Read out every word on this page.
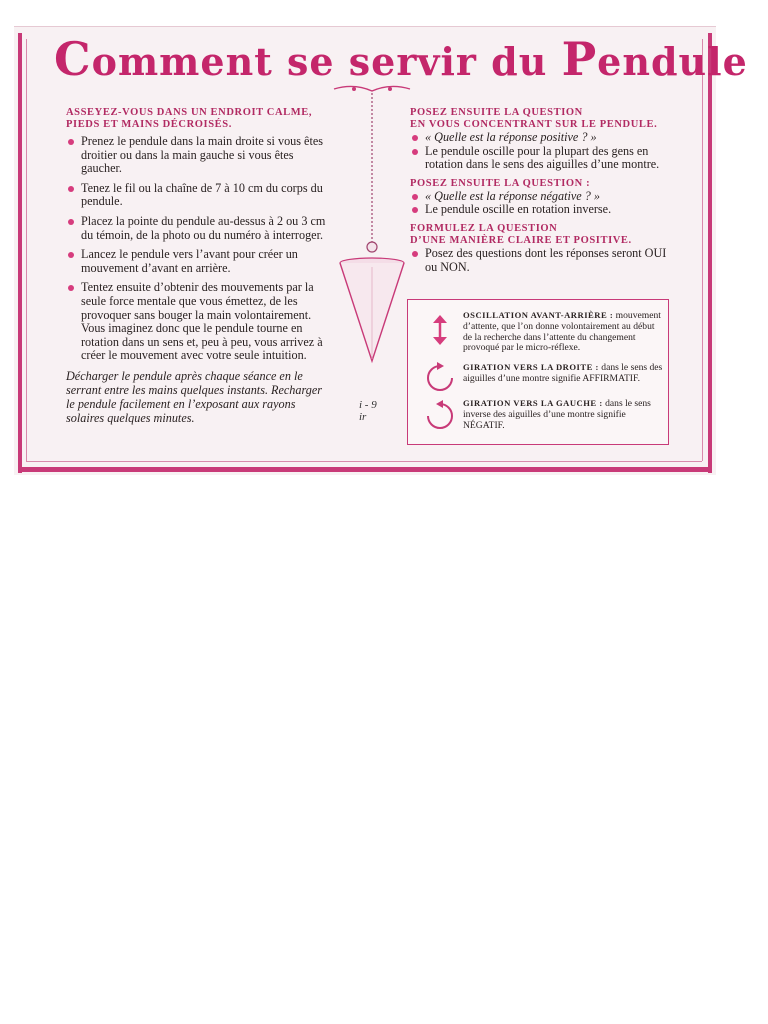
Comment se servir du Pendule

ASSEYEZ-VOUS DANS UN ENDROIT CALME,

PIEDS ET MAINS DÉCROISÉS.

Prenez le pendule dans la main droite si vous êtes droitier ou dans la main gauche si vous êtes gaucher.

Tenez le fil ou la chaîne de 7 à 10 cm du corps du pendule.

Placez la pointe du pendule au-dessus à 2 ou 3 cm du témoin, de la photo ou du numéro à interroger.

Lancez le pendule vers l’avant pour créer un mouvement d’avant en arrière.

Tentez ensuite d’obtenir des mouvements par la seule force mentale que vous émettez, de les provoquer sans bouger la main volontairement. Vous imaginez donc que le pendule tourne en rotation dans un sens et, peu à peu, vous arrivez à créer le mouvement avec votre seule intuition.

Décharger le pendule après chaque séance en le serrant entre les mains quelques instants. Recharger le pendule facilement en l’exposant aux rayons solaires quelques minutes.

i - 9
ir

POSEZ ENSUITE LA QUESTION

EN VOUS CONCENTRANT SUR LE PENDULE.

« Quelle est la réponse positive ? »

Le pendule oscille pour la plupart des gens en rotation dans le sens des aiguilles d’une montre.

POSEZ ENSUITE LA QUESTION :

« Quelle est la réponse négative ? »

Le pendule oscille en rotation inverse.

FORMULEZ LA QUESTION

D’UNE MANIÈRE CLAIRE ET POSITIVE.

Posez des questions dont les réponses seront OUI ou NON.

OSCILLATION AVANT-ARRIÈRE : mouvement d’attente, que l’on donne volontairement au début de la recherche dans l’attente du changement provoqué par le micro-réflexe.
GIRATION VERS LA DROITE : dans le sens des aiguilles d’une montre signifie AFFIRMATIF.
GIRATION VERS LA GAUCHE : dans le sens inverse des aiguilles d’une montre signifie NÉGATIF.
